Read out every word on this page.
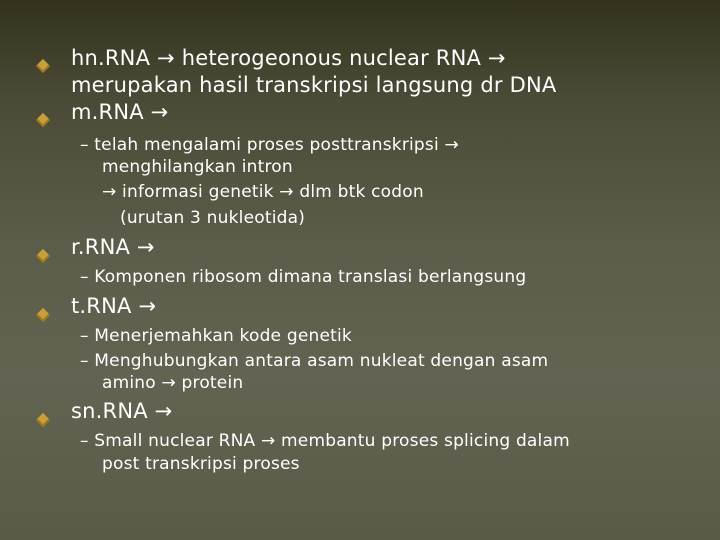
hn.RNA → heterogeonous nuclear RNA →
merupakan hasil transkripsi langsung dr DNA
m.RNA →
– telah mengalami proses posttranskripsi →
menghilangkan intron
→ informasi genetik → dlm btk codon
(urutan 3 nukleotida)
r.RNA →
– Komponen ribosom dimana translasi berlangsung
t.RNA →
– Menerjemahkan kode genetik
– Menghubungkan antara asam nukleat dengan asam
amino → protein
sn.RNA →
– Small nuclear RNA → membantu proses splicing dalam
post transkripsi proses
